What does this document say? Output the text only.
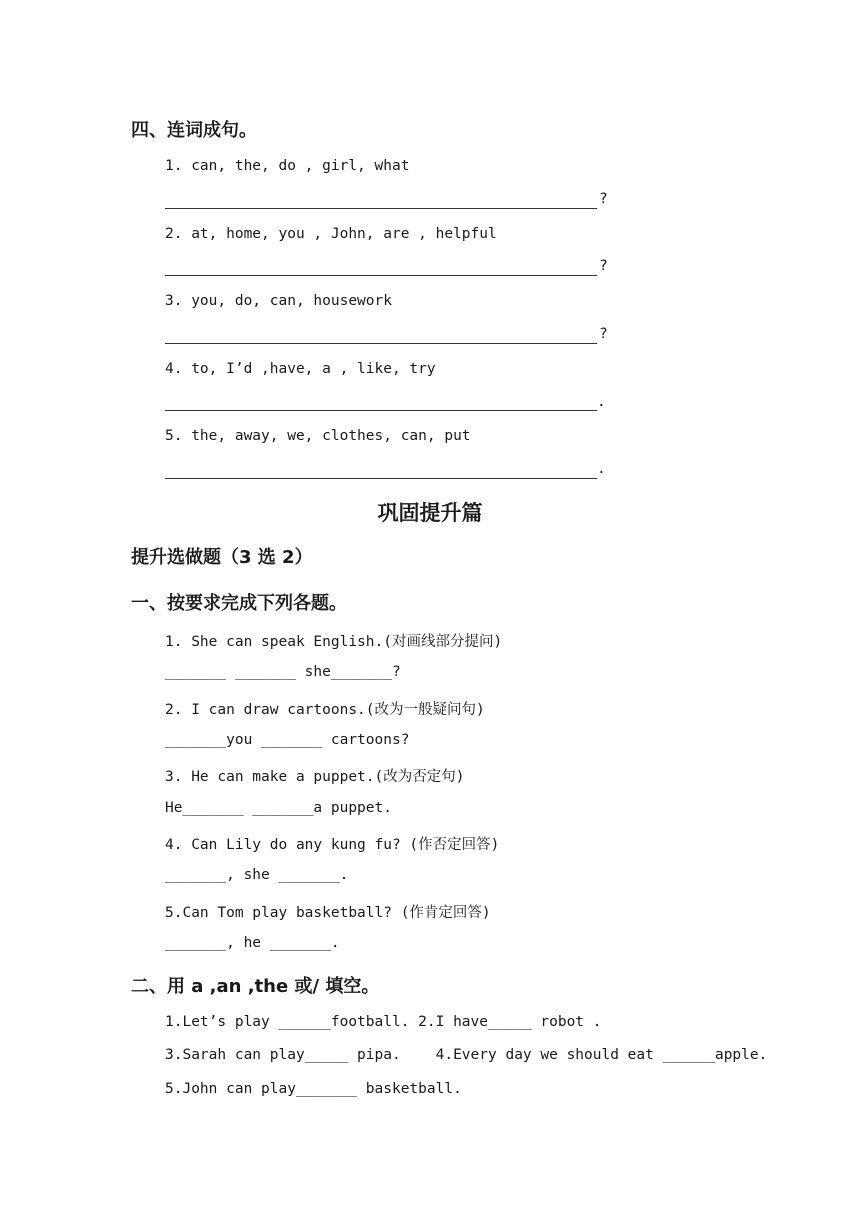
四、连词成句。
1. can, the, do , girl, what
?
2. at, home, you , John, are , helpful
?
3. you, do, can, housework
?
4. to, I’d ,have, a , like, try
.
5. the, away, we, clothes, can, put
.
巩固提升篇
提升选做题（3 选 2）
一、按要求完成下列各题。
1. She can speak English.(对画线部分提问)
_______ _______ she_______?
2. I can draw cartoons.(改为一般疑问句)
_______you _______ cartoons?
3. He can make a puppet.(改为否定句)
He_______ _______a puppet.
4. Can Lily do any kung fu? (作否定回答)
_______, she _______.
5.Can Tom play basketball? (作肯定回答)
_______, he _______.
二、用 a ,an ,the 或/ 填空。
1.Let’s play ______football. 2.I have_____ robot .
3.Sarah can play_____ pipa.    4.Every day we should eat ______apple.
5.John can play_______ basketball.
